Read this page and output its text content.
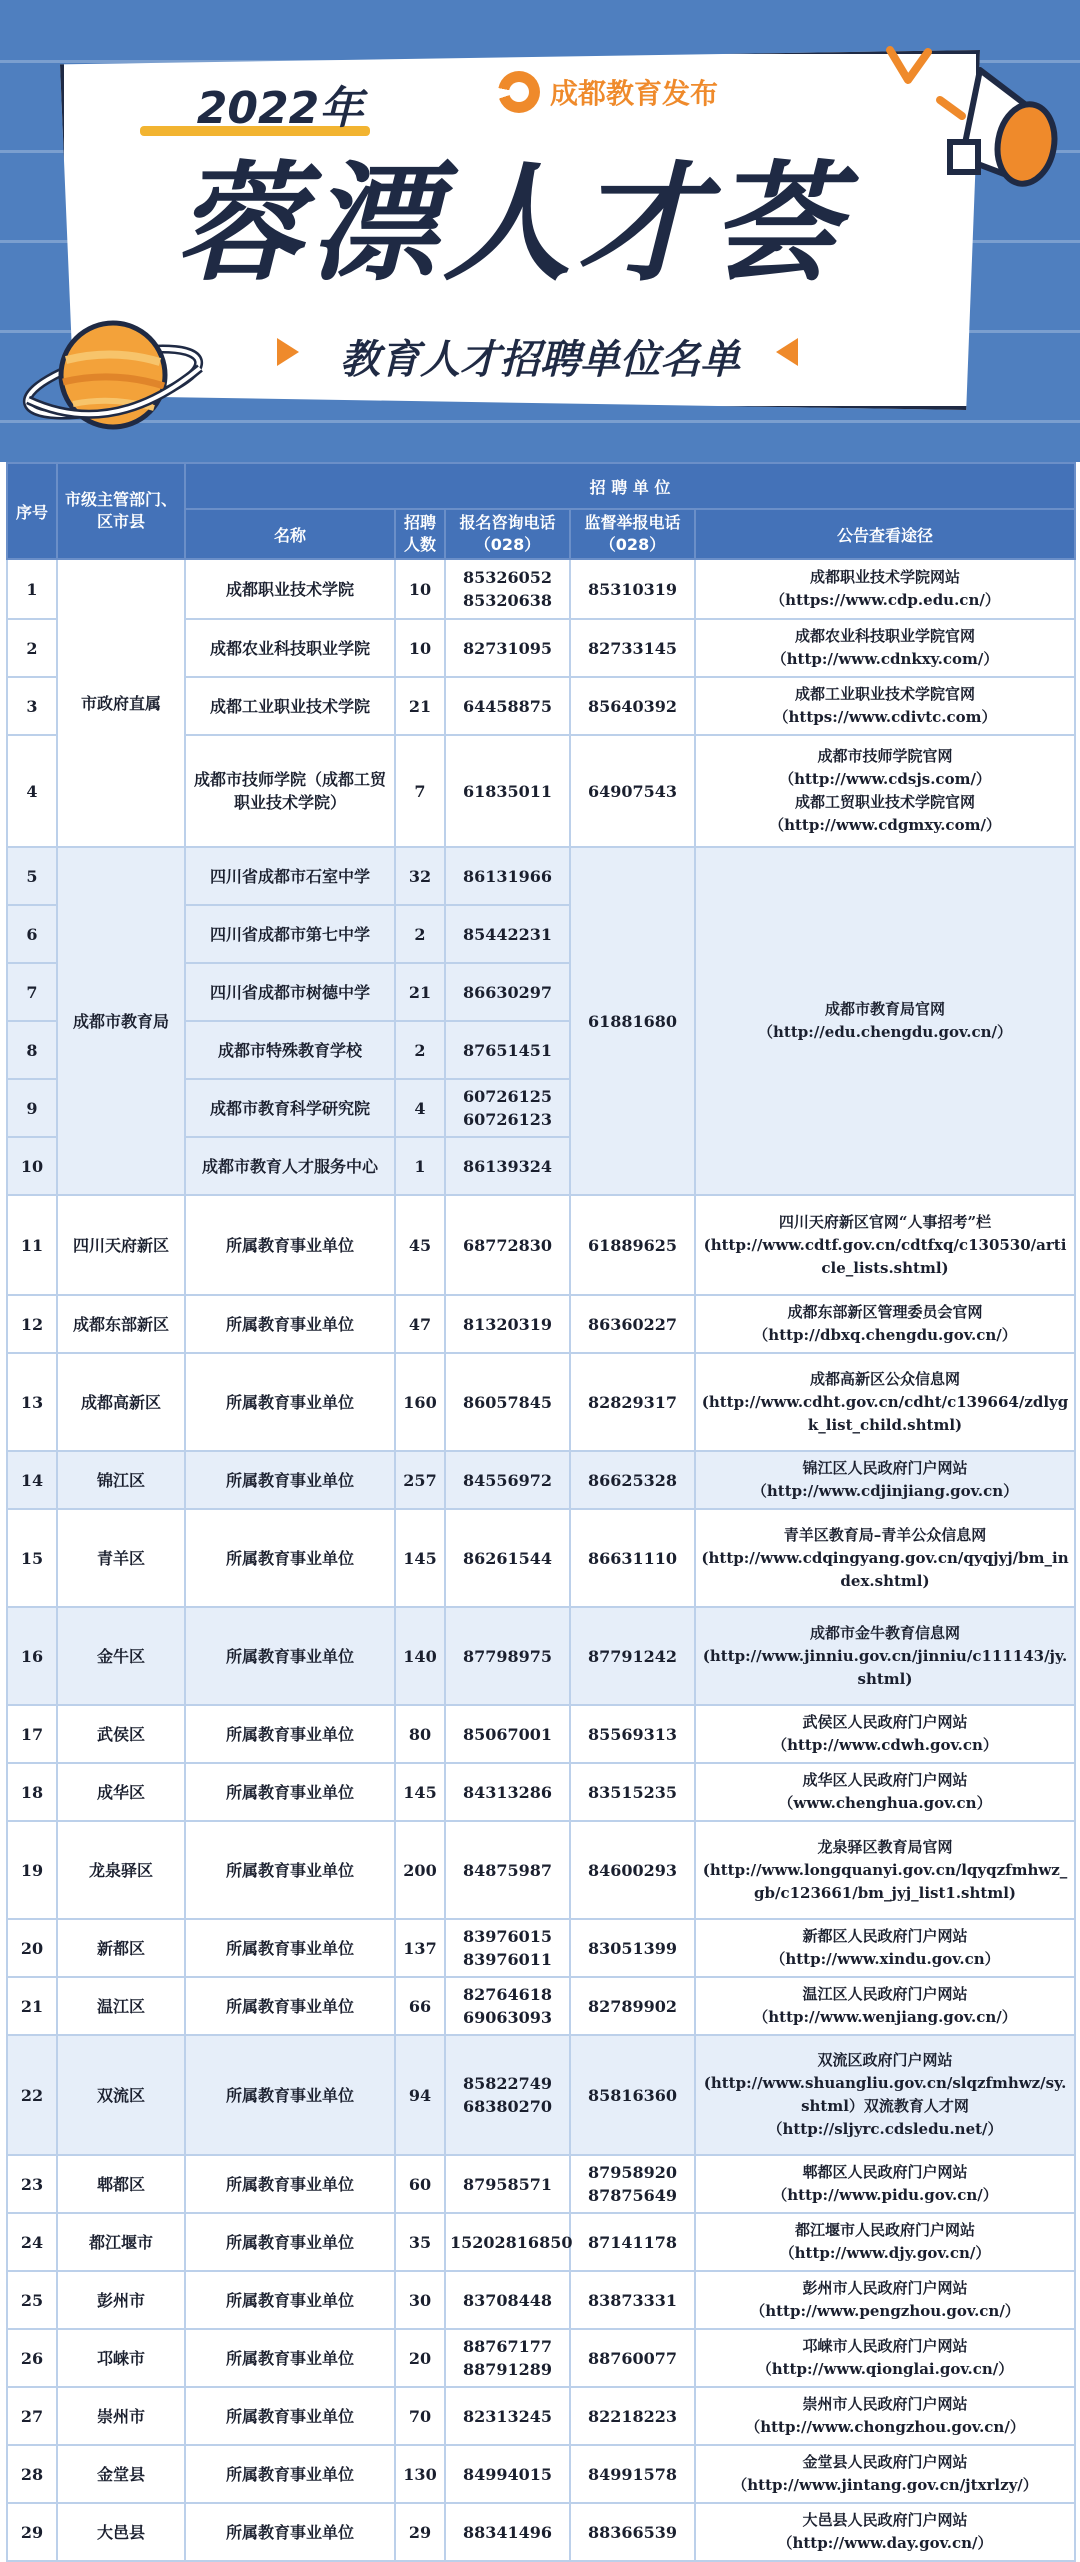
2022年	成都教育发布
蓉漂人才荟
教育人才招聘单位名单
序号	市级主管部门、区市县	招 聘 单 位				
		名称	招聘人数	报名咨询电话（028）	监督举报电话（028）	公告查看途径
1	市政府直属	成都职业技术学院	10	85326052
85320638	85310319	成都职业技术学院网站
（https://www.cdp.edu.cn/）
2		成都农业科技职业学院	10	82731095	82733145	成都农业科技职业学院官网
（http://www.cdnkxy.com/）
3		成都工业职业技术学院	21	64458875	85640392	成都工业职业技术学院官网
（https://www.cdivtc.com）
4		成都市技师学院（成都工贸职业技术学院）	7	61835011	64907543	成都市技师学院官网
（http://www.cdsjs.com/）
成都工贸职业技术学院官网
（http://www.cdgmxy.com/）
5	成都市教育局	四川省成都市石室中学	32	86131966	61881680	成都市教育局官网
（http://edu.chengdu.gov.cn/）
6		四川省成都市第七中学	2	85442231		
7		四川省成都市树德中学	21	86630297		
8		成都市特殊教育学校	2	87651451		
9		成都市教育科学研究院	4	60726125
60726123		
10		成都市教育人才服务中心	1	86139324		
11	四川天府新区	所属教育事业单位	45	68772830	61889625	四川天府新区官网“人事招考”栏
(http://www.cdtf.gov.cn/cdtfxq/c130530/article_lists.shtml)
12	成都东部新区	所属教育事业单位	47	81320319	86360227	成都东部新区管理委员会官网
（http://dbxq.chengdu.gov.cn/）
13	成都高新区	所属教育事业单位	160	86057845	82829317	成都高新区公众信息网
(http://www.cdht.gov.cn/cdht/c139664/zdlygk_list_child.shtml)
14	锦江区	所属教育事业单位	257	84556972	86625328	锦江区人民政府门户网站
（http://www.cdjinjiang.gov.cn）
15	青羊区	所属教育事业单位	145	86261544	86631110	青羊区教育局–青羊公众信息网
(http://www.cdqingyang.gov.cn/qyqjyj/bm_index.shtml)
16	金牛区	所属教育事业单位	140	87798975	87791242	成都市金牛教育信息网
(http://www.jinniu.gov.cn/jinniu/c111143/jy.shtml)
17	武侯区	所属教育事业单位	80	85067001	85569313	武侯区人民政府门户网站
（http://www.cdwh.gov.cn）
18	成华区	所属教育事业单位	145	84313286	83515235	成华区人民政府门户网站
（www.chenghua.gov.cn）
19	龙泉驿区	所属教育事业单位	200	84875987	84600293	龙泉驿区教育局官网
(http://www.longquanyi.gov.cn/lqyqzfmhwz_gb/c123661/bm_jyj_list1.shtml)
20	新都区	所属教育事业单位	137	83976015
83976011	83051399	新都区人民政府门户网站
（http://www.xindu.gov.cn）
21	温江区	所属教育事业单位	66	82764618
69063093	82789902	温江区人民政府门户网站
（http://www.wenjiang.gov.cn/）
22	双流区	所属教育事业单位	94	85822749
68380270	85816360	双流区政府门户网站
(http://www.shuangliu.gov.cn/slqzfmhwz/sy.shtml）双流教育人才网
（http://sljyrc.cdsledu.net/）
23	郫都区	所属教育事业单位	60	87958571	87958920
87875649	郫都区人民政府门户网站
（http://www.pidu.gov.cn/）
24	都江堰市	所属教育事业单位	35	15202816850	87141178	都江堰市人民政府门户网站
（http://www.djy.gov.cn/）
25	彭州市	所属教育事业单位	30	83708448	83873331	彭州市人民政府门户网站
（http://www.pengzhou.gov.cn/）
26	邛崃市	所属教育事业单位	20	88767177
88791289	88760077	邛崃市人民政府门户网站
（http://www.qionglai.gov.cn/）
27	崇州市	所属教育事业单位	70	82313245	82218223	崇州市人民政府门户网站
（http://www.chongzhou.gov.cn/）
28	金堂县	所属教育事业单位	130	84994015	84991578	金堂县人民政府门户网站
（http://www.jintang.gov.cn/jtxrlzy/）
29	大邑县	所属教育事业单位	29	88341496	88366539	大邑县人民政府门户网站
（http://www.day.gov.cn/）
